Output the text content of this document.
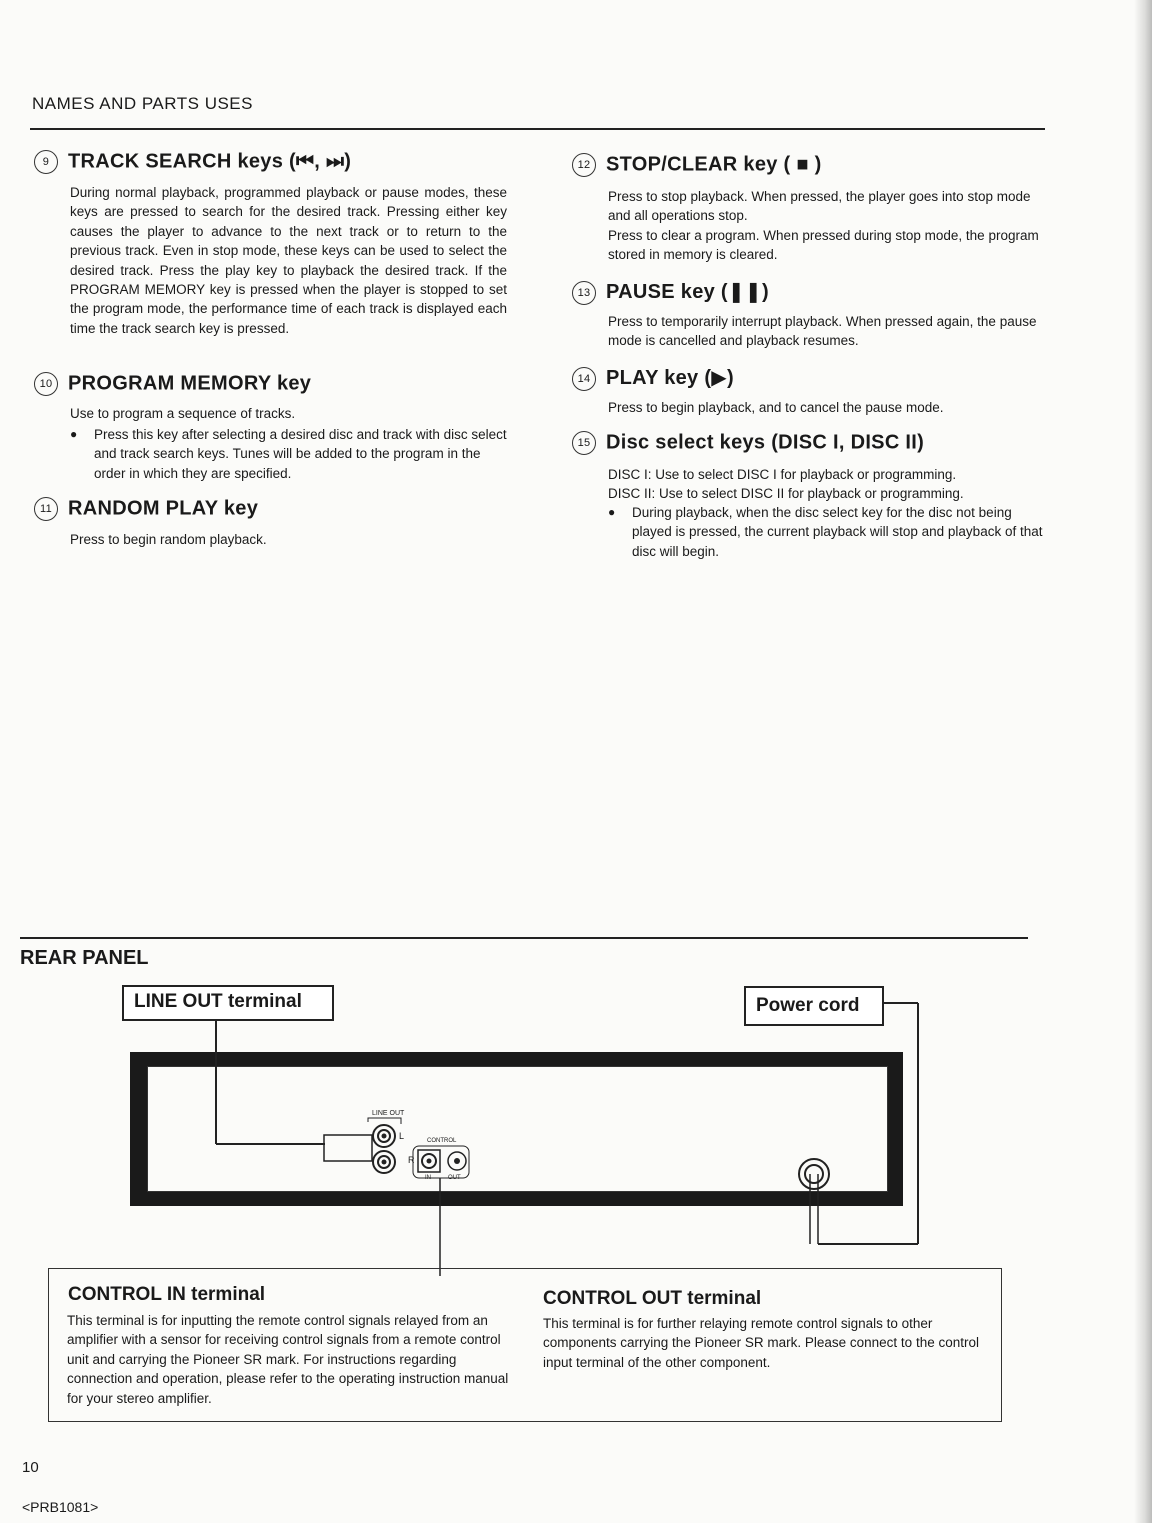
NAMES AND PARTS USES
9 TRACK SEARCH keys (⏮, ⏭)
During normal playback, programmed playback or pause modes, these keys are pressed to search for the desired track. Pressing either key causes the player to advance to the next track or to return to the previous track. Even in stop mode, these keys can be used to select the desired track. Press the play key to playback the desired track. If the PROGRAM MEMORY key is pressed when the player is stopped to set the program mode, the performance time of each track is displayed each time the track search key is pressed.
10 PROGRAM MEMORY key
Use to program a sequence of tracks.
●	Press this key after selecting a desired disc and track with disc select and track search keys. Tunes will be added to the program in the order in which they are specified.
11 RANDOM PLAY key
Press to begin random playback.
12 STOP/CLEAR key ( ■ )
Press to stop playback. When pressed, the player goes into stop mode and all operations stop.
Press to clear a program. When pressed during stop mode, the program stored in memory is cleared.
13 PAUSE key (❚❚)
Press to temporarily interrupt playback. When pressed again, the pause mode is cancelled and playback resumes.
14 PLAY key (▶)
Press to begin playback, and to cancel the pause mode.
15 Disc select keys (DISC I, DISC II)
DISC I: Use to select DISC I for playback or programming.
DISC II: Use to select DISC II for playback or programming.
●	During playback, when the disc select key for the disc not being played is pressed, the current playback will stop and playback of that disc will begin.
REAR PANEL
LINE OUT terminal	Power cord
LINE OUT
L
R
CONTROL
IN	OUT
CONTROL IN terminal
This terminal is for inputting the remote control signals relayed from an amplifier with a sensor for receiving control signals from a remote control unit and carrying the Pioneer SR mark. For instructions regarding connection and operation, please refer to the operating instruction manual for your stereo amplifier.
CONTROL OUT terminal
This terminal is for further relaying remote control signals to other components carrying the Pioneer SR mark. Please connect to the control input terminal of the other component.
10
<PRB1081>
